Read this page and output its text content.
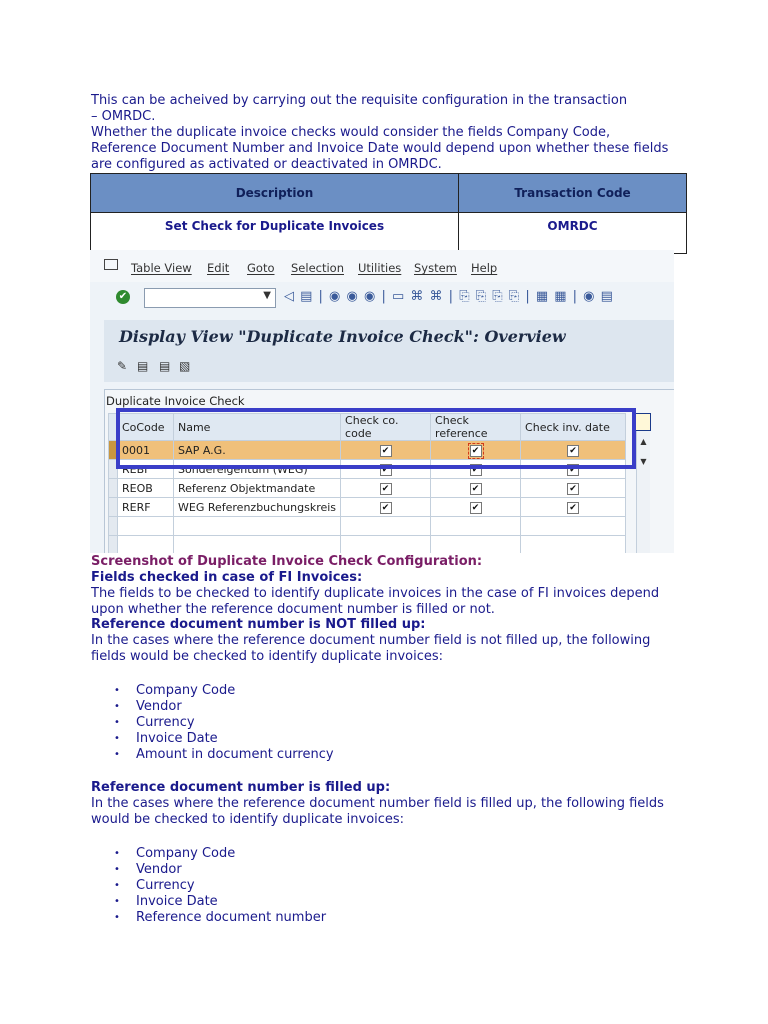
This can be acheived by carrying out the requisite configuration in the transaction
– OMRDC.
Whether the duplicate invoice checks would consider the fields Company Code,
Reference Document Number and Invoice Date would depend upon whether these fields
are configured as activated or deactivated in OMRDC.
Description	Transaction Code
Set Check for Duplicate Invoices	OMRDC
Table View Edit Goto Selection Utilities System Help
✔	▼ ◁ ▤ | ◉ ◉ ◉ | ▭ ⌘ ⌘ | ⎘ ⎘ ⎘ ⎘ | ▦ ▦ | ◉ ▤
Display View "Duplicate Invoice Check": Overview
✎ ▤ ▤ ▧
Duplicate Invoice Check
	CoCode	Name	Check co. code	Check reference	Check inv. date
	0001	SAP A.G.	✔	✔	✔
	REBI	Sondereigentum (WEG)	✔	✔	✔
	REOB	Referenz Objektmandate	✔	✔	✔
	RERF	WEG Referenzbuchungskreis	✔	✔	✔

▲
▼
Screenshot of Duplicate Invoice Check Configuration:
Fields checked in case of FI Invoices:
The fields to be checked to identify duplicate invoices in the case of FI invoices depend
upon whether the reference document number is filled or not.
Reference document number is NOT filled up:
In the cases where the reference document number field is not filled up, the following
fields would be checked to identify duplicate invoices:
• Company Code
• Vendor
• Currency
• Invoice Date
• Amount in document currency
Reference document number is filled up:
In the cases where the reference document number field is filled up, the following fields
would be checked to identify duplicate invoices:
• Company Code
• Vendor
• Currency
• Invoice Date
• Reference document number
